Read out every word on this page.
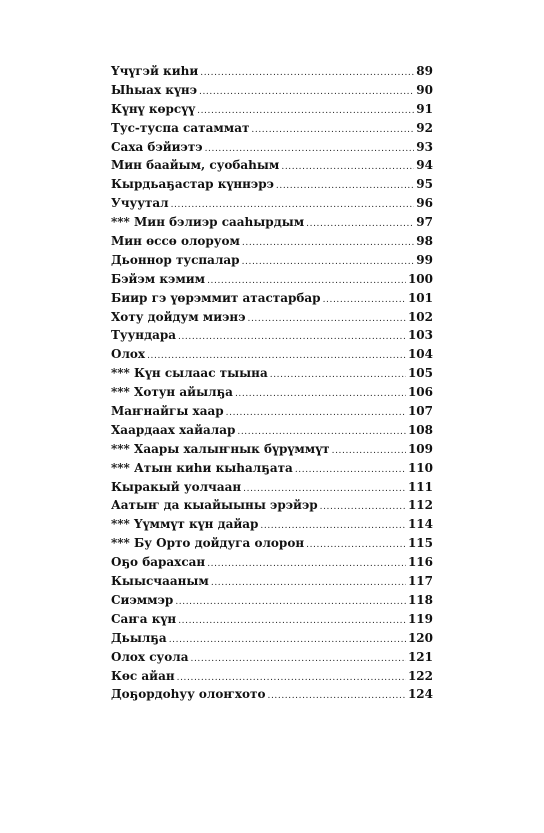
Үчүгэй киһи .....	89
Ыһыах күнэ .....	90
Күнү көрсүү .....	91
Тус-туспа сатаммат .....	92
Саха бэйиэтэ .....	93
Мин баайым, суобаһым .....	94
Кырдьаҕастар күннэрэ .....	95
Учуутал .....	96
*** Мин бэлиэр сааһырдым .....	97
Мин өссө олоруом .....	98
Дьоннор туспалар .....	99
Бэйэм кэмим .....	100
Биир гэ үөрэммит атастарбар .....	101
Хоту дойдум миэнэ .....	102
Туундара .....	103
Олох .....	104
*** Күн сылаас тыына .....	105
*** Хотун айылҕа .....	106
Маҥнайгы хаар .....	107
Хаардаах хайалар .....	108
*** Хаары халыҥнык бүрүммүт .....	109
*** Атын киһи кыһалҕата .....	110
Кыракый уолчаан .....	111
Аатыҥ да кыайыыны эрэйэр .....	112
*** Үүммүт күн дайар .....	114
*** Бу Орто дойдуга олорон .....	115
Оҕо барахсан .....	116
Кыысчааным .....	117
Сиэммэр .....	118
Саҥа күн .....	119
Дьылҕа .....	120
Олох суола .....	121
Көс айан .....	122
Доҕордоһуу олоҥхото .....	124
